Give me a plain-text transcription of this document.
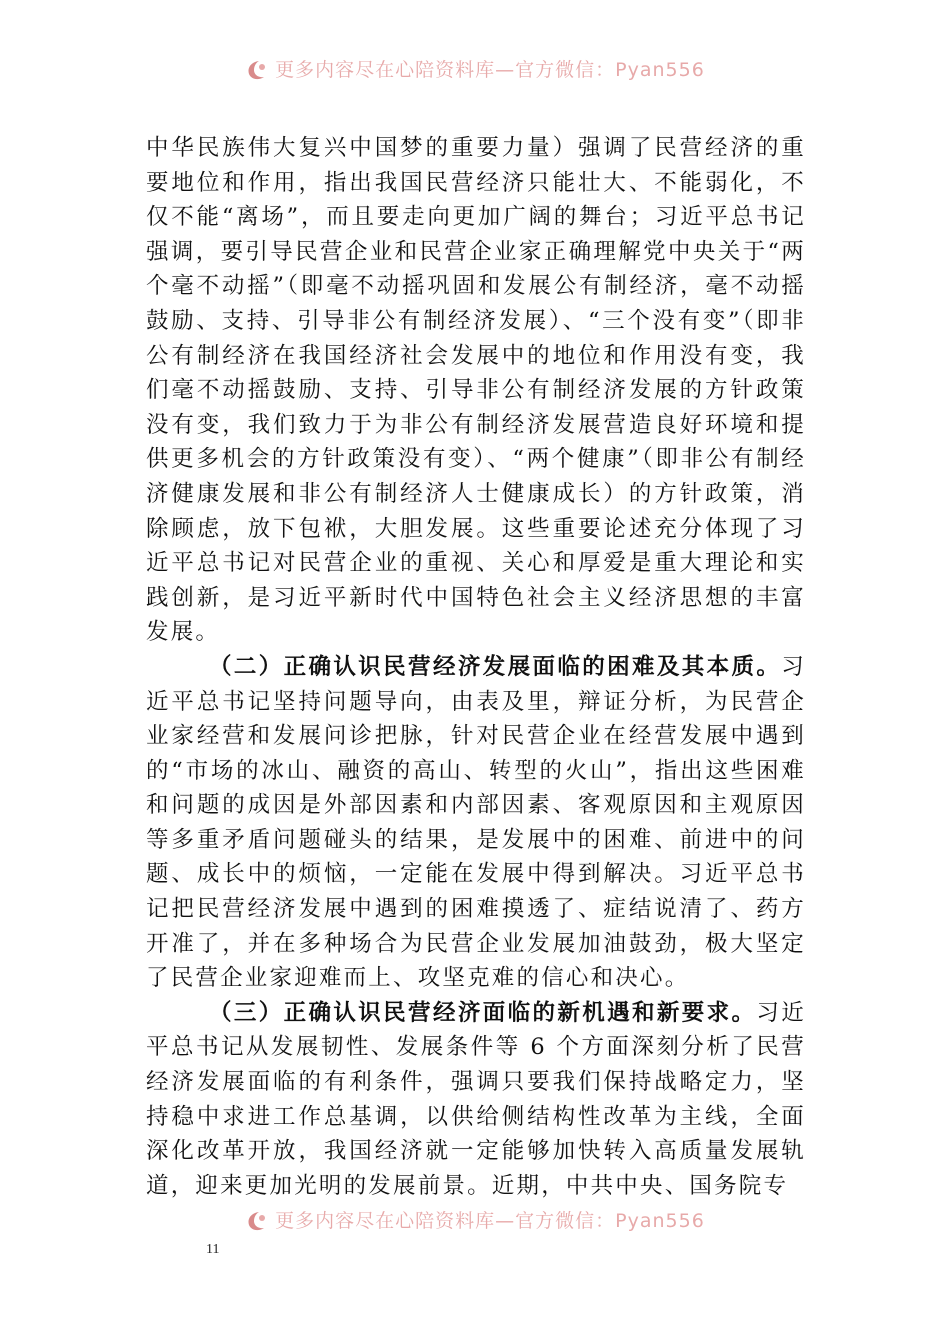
更多内容尽在心陪资料库—官方微信：Pyan556

中华民族伟大复兴中国梦的重要力量）强调了民营经济的重要地位和作用，指出我国民营经济只能壮大、不能弱化，不仅不能“离场”，而且要走向更加广阔的舞台；习近平总书记强调，要引导民营企业和民营企业家正确理解党中央关于“两个毫不动摇”（即毫不动摇巩固和发展公有制经济，毫不动摇鼓励、支持、引导非公有制经济发展）、“三个没有变”（即非公有制经济在我国经济社会发展中的地位和作用没有变，我们毫不动摇鼓励、支持、引导非公有制经济发展的方针政策没有变，我们致力于为非公有制经济发展营造良好环境和提供更多机会的方针政策没有变）、“两个健康”（即非公有制经济健康发展和非公有制经济人士健康成长）的方针政策，消除顾虑，放下包袱，大胆发展。这些重要论述充分体现了习近平总书记对民营企业的重视、关心和厚爱是重大理论和实践创新，是习近平新时代中国特色社会主义经济思想的丰富发展。

（二）正确认识民营经济发展面临的困难及其本质。习近平总书记坚持问题导向，由表及里，辩证分析，为民营企业家经营和发展问诊把脉，针对民营企业在经营发展中遇到的“市场的冰山、融资的高山、转型的火山”，指出这些困难和问题的成因是外部因素和内部因素、客观原因和主观原因等多重矛盾问题碰头的结果，是发展中的困难、前进中的问题、成长中的烦恼，一定能在发展中得到解决。习近平总书记把民营经济发展中遇到的困难摸透了、症结说清了、药方开准了，并在多种场合为民营企业发展加油鼓劲，极大坚定了民营企业家迎难而上、攻坚克难的信心和决心。

（三）正确认识民营经济面临的新机遇和新要求。习近平总书记从发展韧性、发展条件等 6 个方面深刻分析了民营经济发展面临的有利条件，强调只要我们保持战略定力，坚持稳中求进工作总基调，以供给侧结构性改革为主线，全面深化改革开放，我国经济就一定能够加快转入高质量发展轨道，迎来更加光明的发展前景。近期，中共中央、国务院专

更多内容尽在心陪资料库—官方微信：Pyan556
11
